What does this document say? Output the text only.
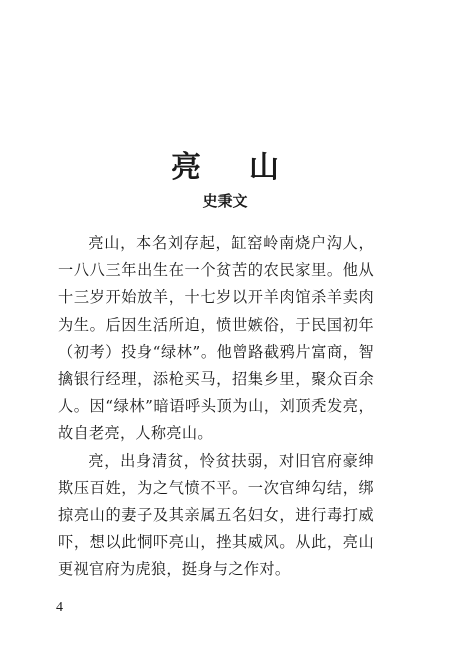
亮山
史秉文

亮山，本名刘存起，缸窑岭南烧户沟人，一八八三年出生在一个贫苦的农民家里。他从十三岁开始放羊，十七岁以开羊肉馆杀羊卖肉为生。后因生活所迫，愤世嫉俗，于民国初年（初考）投身“绿林”。他曾路截鸦片富商，智擒银行经理，添枪买马，招集乡里，聚众百余人。因“绿林”暗语呼头顶为山，刘顶秃发亮，故自老亮，人称亮山。

亮，出身清贫，怜贫扶弱，对旧官府豪绅欺压百姓，为之气愤不平。一次官绅勾结，绑掠亮山的妻子及其亲属五名妇女，进行毒打威吓，想以此恫吓亮山，挫其威风。从此，亮山更视官府为虎狼，挺身与之作对。

4
